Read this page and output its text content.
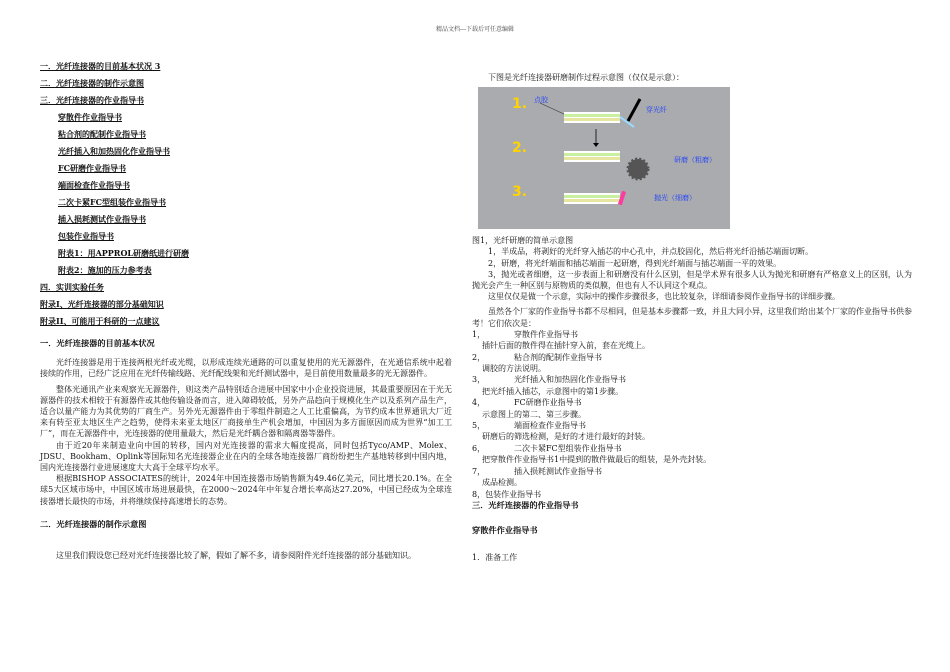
精品文档---下载后可任意编辑
一．光纤连接器的目前基本状况 3
二．光纤连接器的制作示意图
三．光纤连接器的作业指导书
穿散件作业指导书
粘合剂的配制作业指导书
光纤插入和加热固化作业指导书
FC研磨作业指导书
端面检查作业指导书
二次卡紧FC型组装作业指导书
插入损耗测试作业指导书
包装作业指导书
附表1：用APPROL研磨纸进行研磨
附表2：施加的压力参考表
四．实训实验任务
附录I、光纤连接器的部分基础知识
附录II、可能用于科研的一点建议
一．光纤连接器的目前基本状况

光纤连接器是用于连接两根光纤或光缆，以形成连续光通路的可以重复使用的光无源器件，在光通信系统中起着接续的作用，已经广泛应用在光纤传输线路、光纤配线架和光纤测试器中，是目前使用数量最多的光无源器件。

整体光通讯产业来观察光无源器件，则这类产品特别适合进展中国家中小企业投资进展，其最重要原因在于光无源器件的技术相较于有源器件或其他传输设备而言，进入障碍较低，另外产品趋向于规模化生产以及系列产品生产，适合以量产能力为其优势的厂商生产。另外光无源器件由于零组件制造之人工比重偏高，为节约成本世界通讯大厂近来有转至亚太地区生产之趋势，使得未来亚太地区厂商接单生产机会增加，中国因为多方面原因而成为世界“加工工厂”，而在无源器件中，光连接器的使用量最大，然后是光纤耦合器和隔离器等器件。

由于近20年来制造业向中国的转移，国内对光连接器的需求大幅度提高，同时包括Tyco/AMP、Molex、JDSU、Bookham、Oplink等国际知名光连接器企业在内的全球各地连接器厂商纷纷把生产基地转移到中国内地，国内光连接器行业进展速度大大高于全球平均水平。

根据BISHOP ASSOCIATES的统计，2024年中国连接器市场销售额为49.46亿美元，同比增长20.1%。在全球5大区域市场中，中国区域市场进展最快，在2000～2024年中年复合增长率高达27.20%，中国已经成为全球连接器增长最快的市场，并将继续保持高速增长的态势。

二．光纤连接器的制作示意图

这里我们假设您已经对光纤连接器比较了解，假如了解不多，请参阅附件光纤连接器的部分基础知识。

下图是光纤连接器研磨制作过程示意图（仅仅是示意）：

1.
2.
3.
点胶
穿光纤
研磨（粗磨）
抛光（细磨）
图1，光纤研磨的简单示意图

1，半成品，将剥好的光纤穿入插芯的中心孔中，并点胶固化，然后将光纤沿插芯端面切断。

2，研磨，将光纤端面和插芯端面一起研磨，得到光纤端面与插芯端面一平的效果。

3，抛光或者细磨，这一步表面上和研磨没有什么区别，但是学术界有很多人认为抛光和研磨有严格意义上的区别，认为抛光会产生一种区别与原物质的类似膜，但也有人不认同这个观点。

这里仅仅是做一个示意，实际中的操作步骤很多，也比较复杂，详细请参阅作业指导书的详细步骤。

虽然各个厂家的作业指导书都不尽相同，但是基本步骤都一致，并且大同小异，这里我们给出某个厂家的作业指导书供参考！它们依次是：

1，	穿散件作业指导书
插针后面的散件得在插针穿入前，套在光缆上。
2，	粘合剂的配制作业指导书
调胶的方法说明。
3，	光纤插入和加热固化作业指导书
把光纤插入插芯，示意图中的第1步骤。
4，	FC研磨作业指导书
示意图上的第二、第三步骤。
5，	端面检查作业指导书
研磨后的筛选检测，是好的才进行最好的封装。
6，	二次卡紧FC型组装作业指导书
把穿散件作业指导书1中提到的散件做最后的组装，是外壳封装。
7，	插入损耗测试作业指导书
成品检测。
8，包装作业指导书
三．光纤连接器的作业指导书
穿散件作业指导书
1．准备工作
